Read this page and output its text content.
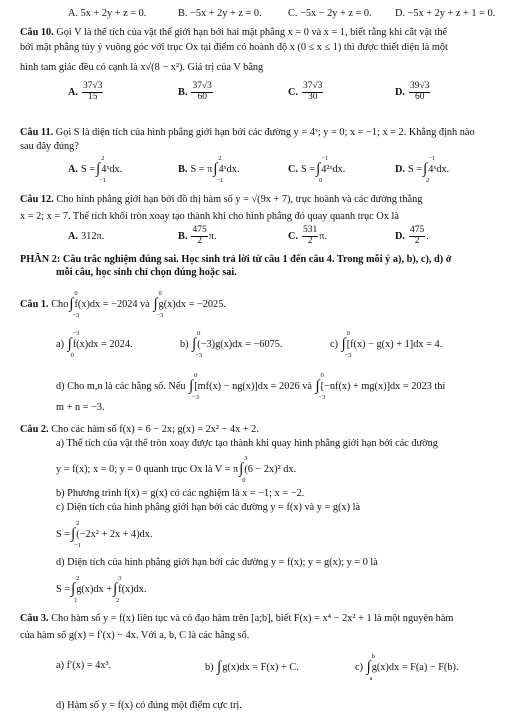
A. 5x + 2y + z = 0.	B. −5x + 2y + z = 0.	C. −5x − 2y + z = 0. D. −5x + 2y + z + 1 = 0.
Câu 10. Gọi V là thể tích của vật thể giới hạn bởi hai mặt phẳng x = 0 và x = 1, biết rằng khi cắt vật thể
bởi mặt phẳng tùy ý vuông góc với trục Ox tại điểm có hoành độ x (0 ≤ x ≤ 1) thì được thiết diện là một
hình tam giác đều có cạnh là x√(8 − x²). Giá trị của V bằng
A. $\frac{37√3}{15}$	B. $\frac{37√3}{60}$	C. $\frac{37√3}{30}$	D. $\frac{39√3}{60}$
Câu 11. Gọi S là diện tích của hình phẳng giới hạn bởi các đường y = 4ˣ; y = 0; x = −1; x = 2. Khẳng định nào
sau đây đúng?
A. S =∫
2
−1
4ˣdx.	B. S = π∫
2
−1
4ˣdx.	C. S =∫
−1
0
4²ˣdx.	D. S =∫
−1
2
4ˣdx.
Câu 12. Cho hình phẳng giới hạn bởi đồ thị hàm số y = √(9x + 7), trục hoành và các đường thẳng
x = 2; x = 7. Thể tích khối tròn xoay tạo thành khi cho hình phẳng đó quay quanh trục Ox là
A. 312π.	B. $\frac{475}{2} \pi$.	C. $\frac{531}{2} \pi$.	D. $\frac{475}{2}$ .
PHẦN 2: Câu trắc nghiệm đúng sai. Học sinh trả lời từ câu 1 đến câu 4. Trong mỗi ý a), b), c), d) ở
mỗi câu, học sinh chỉ chọn đúng hoặc sai.
Câu 1. Cho∫
0
−3
f(x)dx = −2024 và ∫
0
−3
g(x)dx = −2025.
a) ∫
−3
0
f(x)dx = 2024.	b) ∫
0
−3
(−3)g(x)dx = −6075.	c) ∫
0
−3
[f(x) − g(x) + 1]dx = 4.
d) Cho m,n là các hằng số. Nếu ∫
0
−3
[mf(x) − ng(x)]dx = 2026 và ∫
0
−3
[−nf(x) + mg(x)]dx = 2023 thì
m + n = −3.
Câu 2. Cho các hàm số f(x) = 6 − 2x; g(x) = 2x² − 4x + 2.
a) Thể tích của vật thể tròn xoay được tạo thành khi quay hình phẳng giới hạn bởi các đường
y = f(x); x = 0; y = 0 quanh trục Ox là V = π∫
3
0
(6 − 2x)² dx.
b) Phương trình f(x) = g(x) có các nghiệm là x = −1; x = −2.
c) Diện tích của hình phẳng giới hạn bởi các đường y = f(x) và y = g(x) là
S =∫
2
−1
(−2x² + 2x + 4)dx.
d) Diện tích của hình phẳng giới hạn bởi các đường y = f(x); y = g(x); y = 0 là
S =∫
2
1
g(x)dx +∫
3
2
f(x)dx.
Câu 3. Cho hàm số y = f(x) liên tục và có đạo hàm trên [a;b], biết F(x) = x⁴ − 2x² + 1 là một nguyên hàm
của hàm số g(x) = f′(x) − 4x. Với a, b, C là các hằng số.
a) f′(x) = 4x³.	b) ∫g(x)dx = F(x) + C.	c) ∫
b
a
g(x)dx = F(a) − F(b).
d) Hàm số y = f(x) có đúng một điểm cực trị.
